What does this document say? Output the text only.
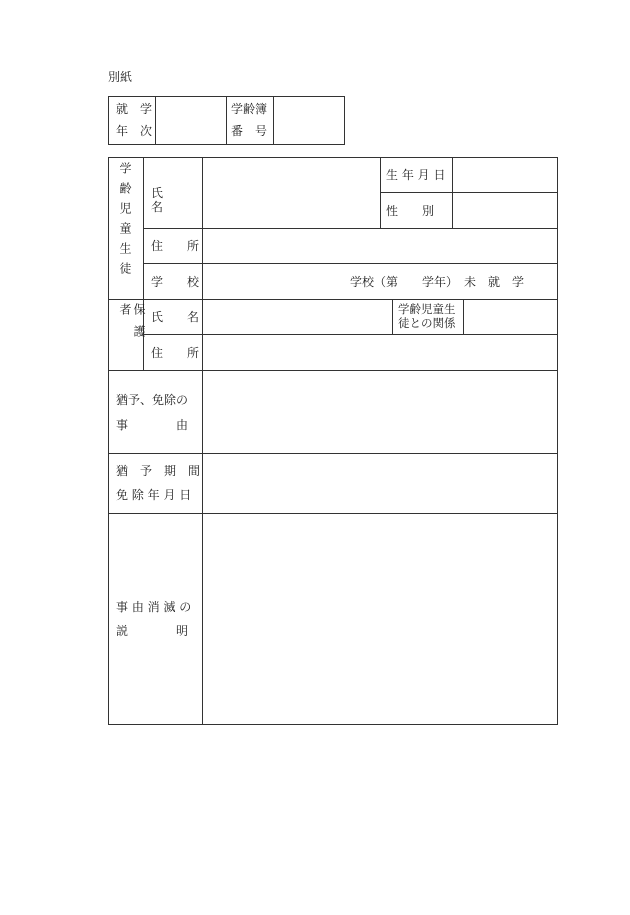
別紙
就　学
年　次
学齢簿
番　号
学齢児童生徒 氏　　名
生 年 月 日
性　　別
住　　所
学　　校	学校（第　　学年）　未　就　学
保護者	氏　　名
学齢児童生
徒との関係
住　　所
猶予、免除の
事　　　　由
猶　予　期　間
免 除 年 月 日
事 由 消 滅 の
説　　　　明
